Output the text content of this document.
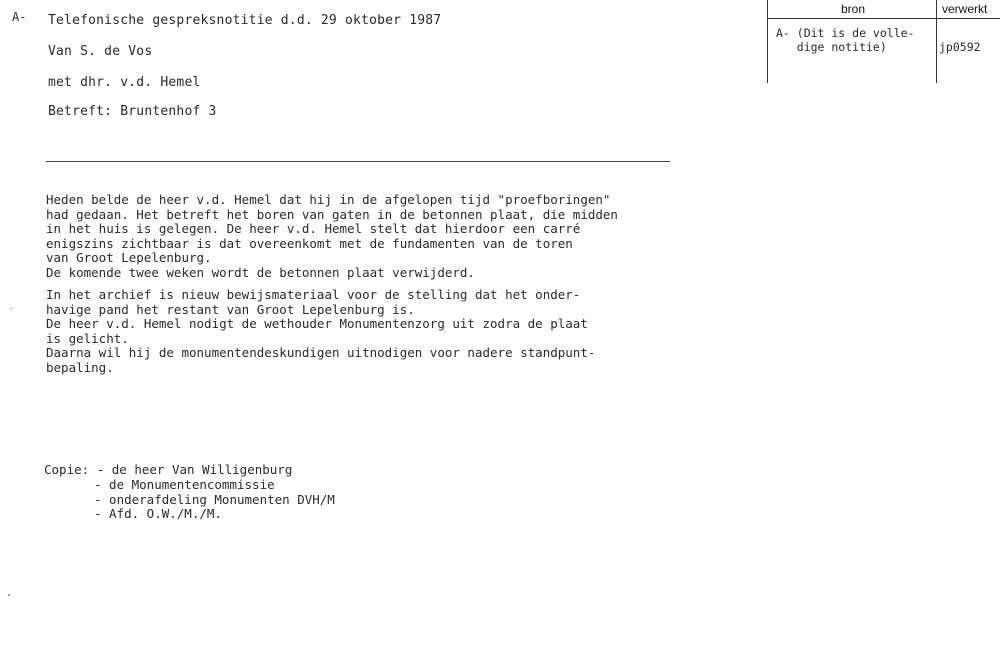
A- Telefonische gespreksnotitie d.d. 29 oktober 1987
Van S. de Vos
met dhr. v.d. Hemel
Betreft: Bruntenhof 3
Heden belde de heer v.d. Hemel dat hij in de afgelopen tijd "proefboringen"
had gedaan. Het betreft het boren van gaten in de betonnen plaat, die midden
in het huis is gelegen. De heer v.d. Hemel stelt dat hierdoor een carré
enigszins zichtbaar is dat overeenkomt met de fundamenten van de toren
van Groot Lepelenburg.
De komende twee weken wordt de betonnen plaat verwijderd.
In het archief is nieuw bewijsmateriaal voor de stelling dat het onder-
havige pand het restant van Groot Lepelenburg is.
De heer v.d. Hemel nodigt de wethouder Monumentenzorg uit zodra de plaat
is gelicht.
Daarna wil hij de monumentendeskundigen uitnodigen voor nadere standpunt-
bepaling.
Copie: - de heer Van Willigenburg
- de Monumentencommissie
- onderafdeling Monumenten DVH/M
- Afd. O.W./M./M.
bron	verwerkt
A- (Dit is de volle-
dige notitie)	jp0592
